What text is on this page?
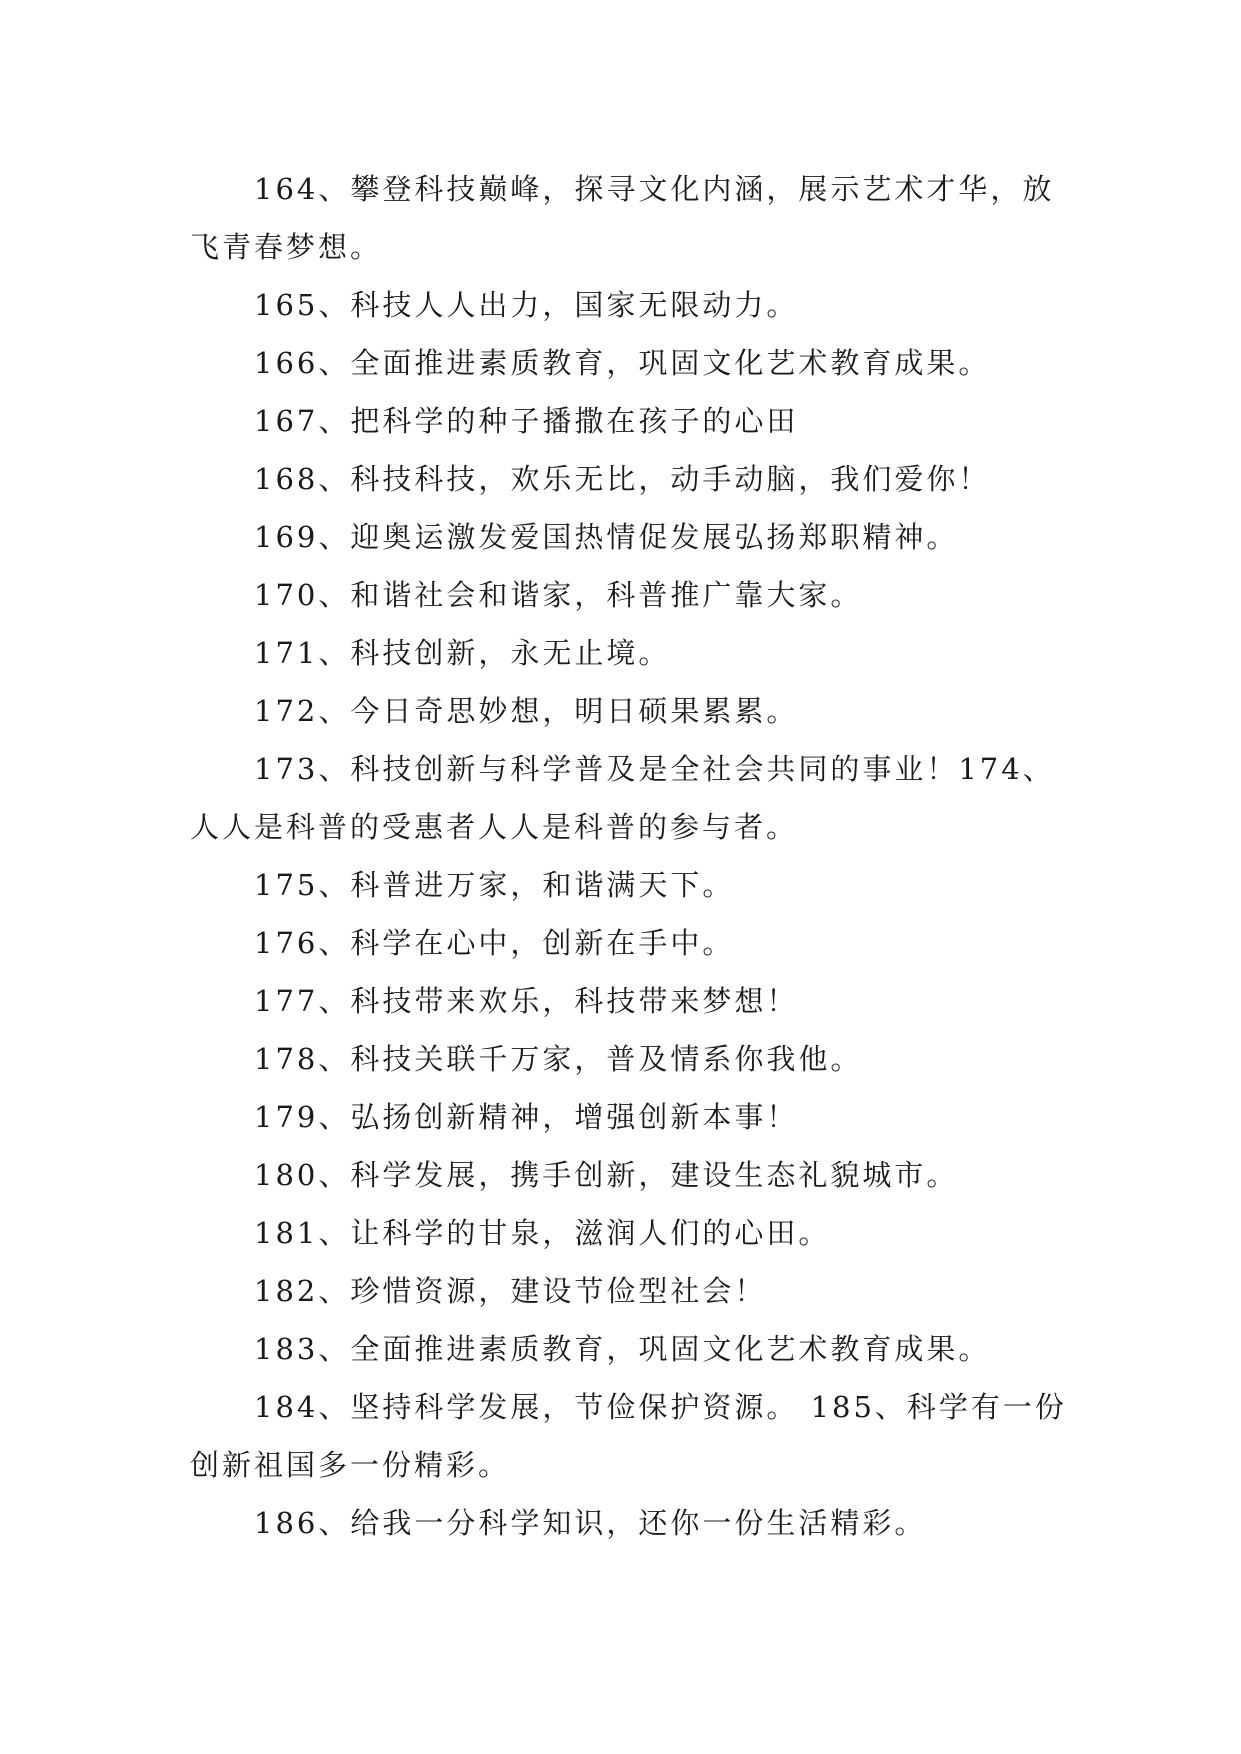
164、攀登科技巅峰，探寻文化内涵，展示艺术才华，放飞青春梦想。

165、科技人人出力，国家无限动力。

166、全面推进素质教育，巩固文化艺术教育成果。

167、把科学的种子播撒在孩子的心田

168、科技科技，欢乐无比，动手动脑，我们爱你！

169、迎奥运激发爱国热情促发展弘扬郑职精神。

170、和谐社会和谐家，科普推广靠大家。

171、科技创新，永无止境。

172、今日奇思妙想，明日硕果累累。

173、科技创新与科学普及是全社会共同的事业！174、人人是科普的受惠者人人是科普的参与者。

175、科普进万家，和谐满天下。

176、科学在心中，创新在手中。

177、科技带来欢乐，科技带来梦想！

178、科技关联千万家，普及情系你我他。

179、弘扬创新精神，增强创新本事！

180、科学发展，携手创新，建设生态礼貌城市。

181、让科学的甘泉，滋润人们的心田。

182、珍惜资源，建设节俭型社会！

183、全面推进素质教育，巩固文化艺术教育成果。

184、坚持科学发展，节俭保护资源。 185、科学有一份创新祖国多一份精彩。

186、给我一分科学知识，还你一份生活精彩。
